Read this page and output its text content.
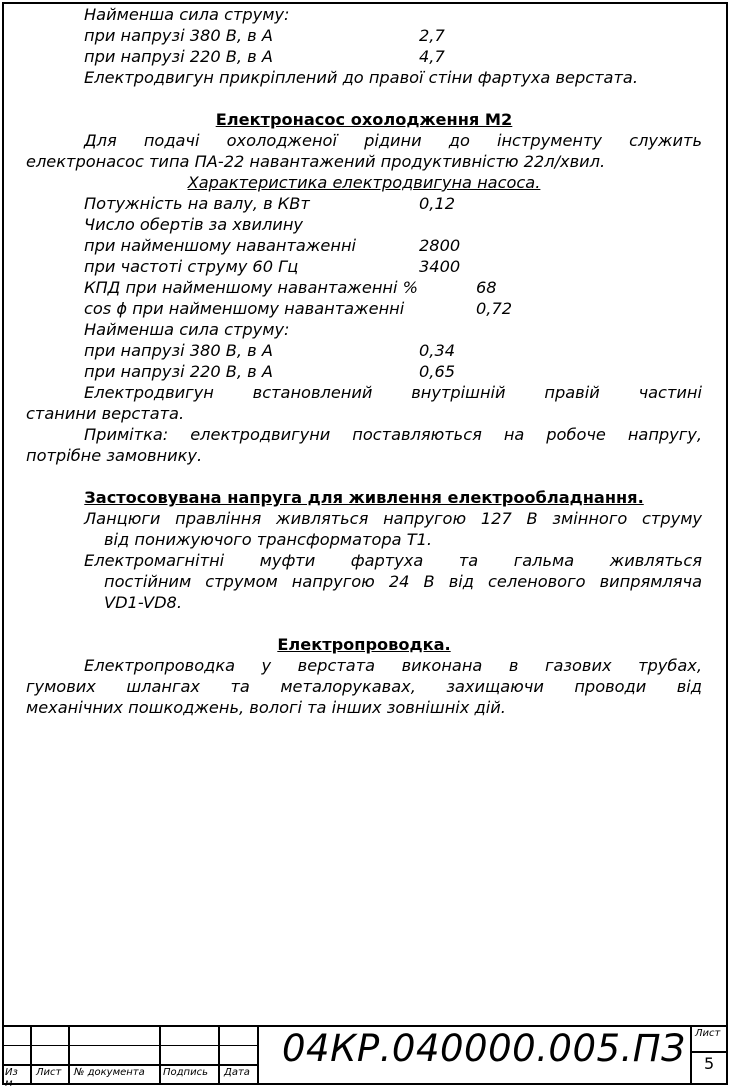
Найменша сила струму:
при напрузі 380 В, в А	2,7
при напрузі 220 В, в А	4,7
Електродвигун прикріплений до правої стіни фартуха верстата.
Електронасос охолодження М2
Для подачі охолодженої рідини до інструменту служить
електронасос типа ПА-22 навантажений продуктивністю 22л/хвил.
Характеристика електродвигуна насоса.
Потужність на валу, в КВт	0,12
Число обертів за хвилину
при найменшому навантаженні	2800
при частоті струму 60 Гц	3400
КПД при найменшому навантаженні %	68
cos ϕ при найменшому навантаженні	0,72
Найменша сила струму:
при напрузі 380 В, в А	0,34
при напрузі 220 В, в А	0,65
Електродвигун встановлений внутрішній правій частині
станини верстата.
Примітка: електродвигуни поставляються на робоче напругу,
потрібне замовнику.
Застосовувана напруга для живлення електрообладнання.
Ланцюги правління живляться напругою 127 В змінного струму
від понижуючого трансформатора Т1.
Електромагнітні муфти фартуха та гальма живляться
постійним струмом напругою 24 В від селенового випрямляча
VD1-VD8.
Електропроводка.
Електропроводка у верстата виконана в газових трубах,
гумових шлангах та металорукавах, захищаючи проводи від
механічних пошкоджень, вологі та інших зовнішніх дій.
Из м
Лист № документа Подпись Дата
04КР.040000.005.ПЗ Лист
5
